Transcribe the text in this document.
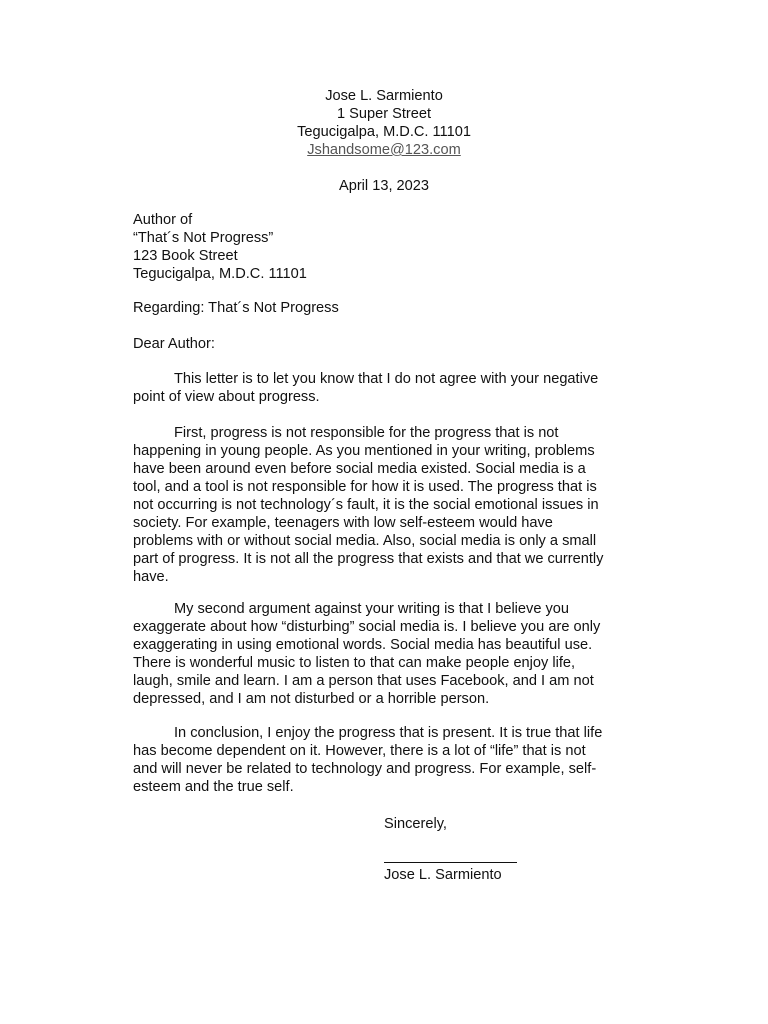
Jose L. Sarmiento
1 Super Street
Tegucigalpa, M.D.C. 11101
Jshandsome@123.com
April 13, 2023
Author of
“That´s Not Progress”
123 Book Street
Tegucigalpa, M.D.C. 11101
Regarding: That´s Not Progress
Dear Author:
This letter is to let you know that I do not agree with your negative
point of view about progress.
First, progress is not responsible for the progress that is not
happening in young people. As you mentioned in your writing, problems
have been around even before social media existed. Social media is a
tool, and a tool is not responsible for how it is used. The progress that is
not occurring is not technology´s fault, it is the social emotional issues in
society. For example, teenagers with low self-esteem would have
problems with or without social media. Also, social media is only a small
part of progress. It is not all the progress that exists and that we currently
have.
My second argument against your writing is that I believe you
exaggerate about how “disturbing” social media is. I believe you are only
exaggerating in using emotional words. Social media has beautiful use.
There is wonderful music to listen to that can make people enjoy life,
laugh, smile and learn. I am a person that uses Facebook, and I am not
depressed, and I am not disturbed or a horrible person.
In conclusion, I enjoy the progress that is present. It is true that life
has become dependent on it. However, there is a lot of “life” that is not
and will never be related to technology and progress. For example, self-
esteem and the true self.
Sincerely,
Jose L. Sarmiento
